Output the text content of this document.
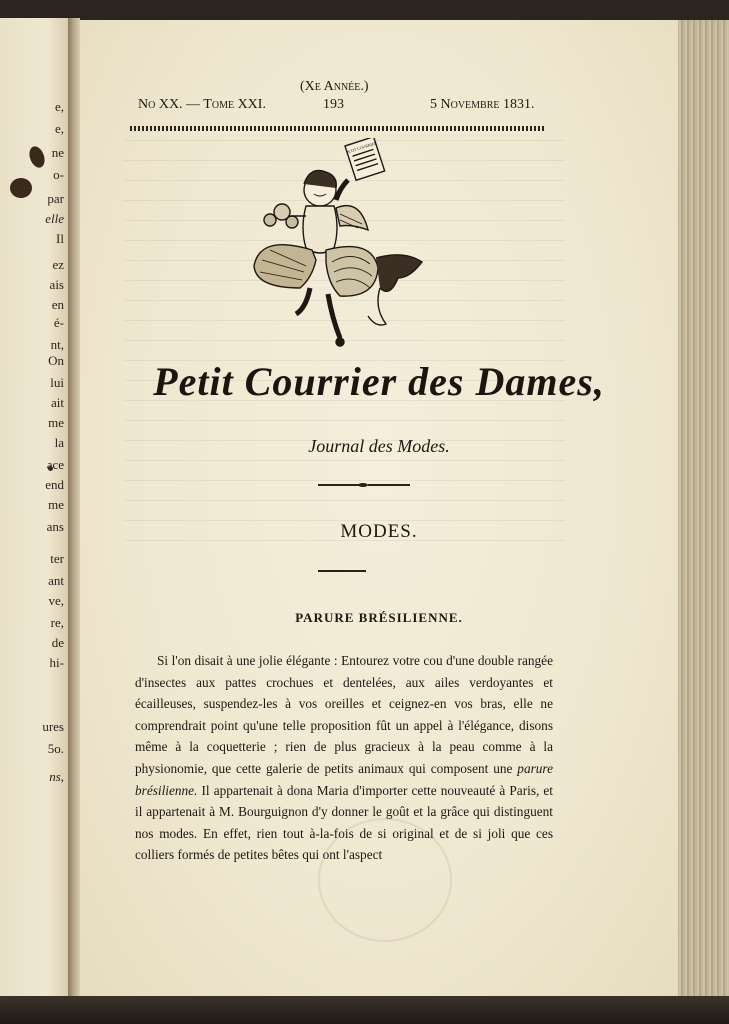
e,
e,
ne
o-
par
elle
Il
ez
ais
en
é-
nt,
On
lui
ait
me
la
ace
end
me
ans
ter
ant
ve,
re,
de
hi-
ures
5o.
ns,
(Xe Année.)
No XX. — Tome XXI.	193	5 Novembre 1831.
PETIT COURRIER
Petit Courrier des Dames,
Journal des Modes.
MODES.
PARURE BRÉSILIENNE.

Si l'on disait à une jolie élégante : Entourez votre cou d'une double rangée d'insectes aux pattes crochues et dentelées, aux ailes verdoyantes et écailleuses, suspendez-les à vos oreilles et ceignez-en vos bras, elle ne comprendrait point qu'une telle proposition fût un appel à l'élégance, disons même à la coquetterie ; rien de plus gracieux à la peau comme à la physionomie, que cette galerie de petits animaux qui composent une parure brésilienne. Il appartenait à dona Maria d'importer cette nouveauté à Paris, et il appartenait à M. Bourguignon d'y donner le goût et la grâce qui distinguent nos modes. En effet, rien tout à-la-fois de si original et de si joli que ces colliers formés de petites bêtes qui ont l'aspect
